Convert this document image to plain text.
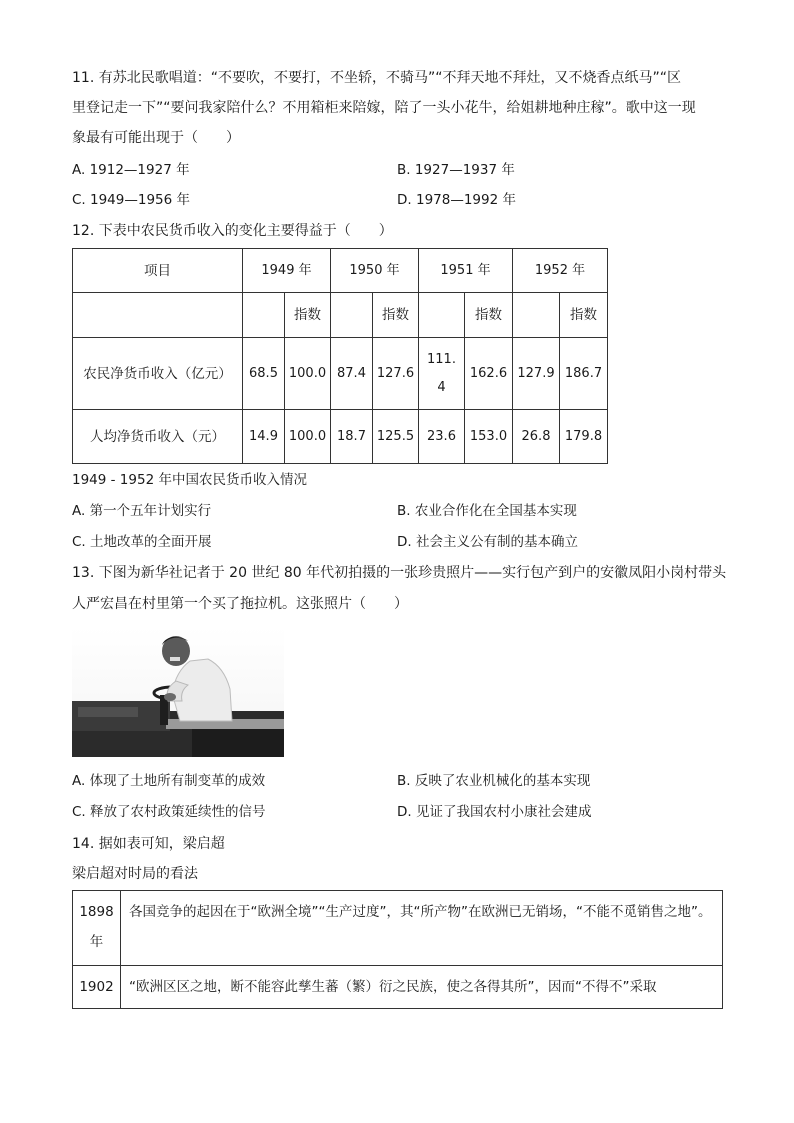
11. 有苏北民歌唱道：“不要吹，不要打，不坐轿，不骑马”“不拜天地不拜灶，又不烧香点纸马”“区
里登记走一下”“要问我家陪什么？不用箱柜来陪嫁，陪了一头小花牛，给姐耕地种庄稼”。歌中这一现
象最有可能出现于（　　）
A. 1912—1927 年	B. 1927—1937 年
C. 1949—1956 年	D. 1978—1992 年
12. 下表中农民货币收入的变化主要得益于（　　）
项目	1949 年		1950 年		1951 年		1952 年	
		指数		指数		指数		指数
农民净货币收入（亿元）	68.5	100.0	87.4	127.6	111.4	162.6	127.9	186.7
人均净货币收入（元）	14.9	100.0	18.7	125.5	23.6	153.0	26.8	179.8
1949 - 1952 年中国农民货币收入情况
A. 第一个五年计划实行	B. 农业合作化在全国基本实现
C. 土地改革的全面开展	D. 社会主义公有制的基本确立
13. 下图为新华社记者于 20 世纪 80 年代初拍摄的一张珍贵照片——实行包产到户的安徽凤阳小岗村带头
人严宏昌在村里第一个买了拖拉机。这张照片（　　）
A. 体现了土地所有制变革的成效	B. 反映了农业机械化的基本实现
C. 释放了农村政策延续性的信号	D. 见证了我国农村小康社会建成
14. 据如表可知，梁启超
梁启超对时局的看法
1898 年	各国竞争的起因在于“欧洲全境”“生产过度”，其“所产物”在欧洲已无销场，“不能不觅销售之地”。
1902	“欧洲区区之地，断不能容此孳生蕃（繁）衍之民族，使之各得其所”，因而“不得不”采取
